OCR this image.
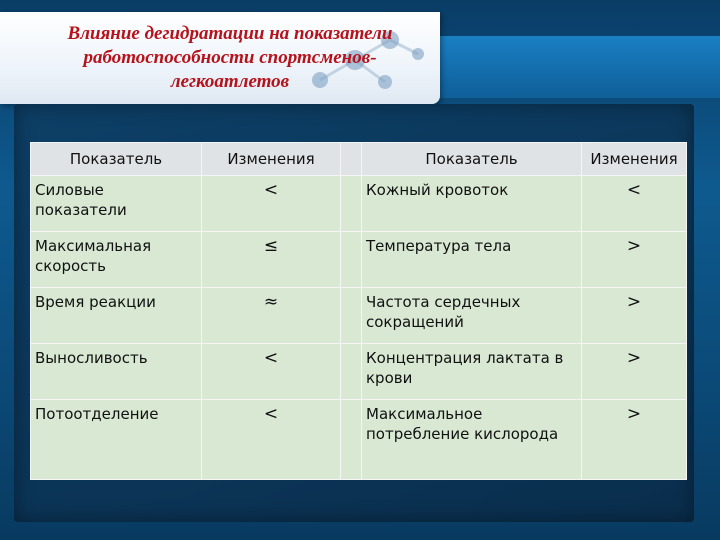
Влияние дегидратации на показатели работоспособности спортсменов-легкоатлетов
Показатель	Изменения		Показатель	Изменения
Силовые показатели	<		Кожный кровоток	<
Максимальная скорость	≤		Температура тела	>
Время реакции	≈		Частота сердечных сокращений	>
Выносливость	<		Концентрация лактата в крови	>
Потоотделение	<		Максимальное потребление кислорода	>
